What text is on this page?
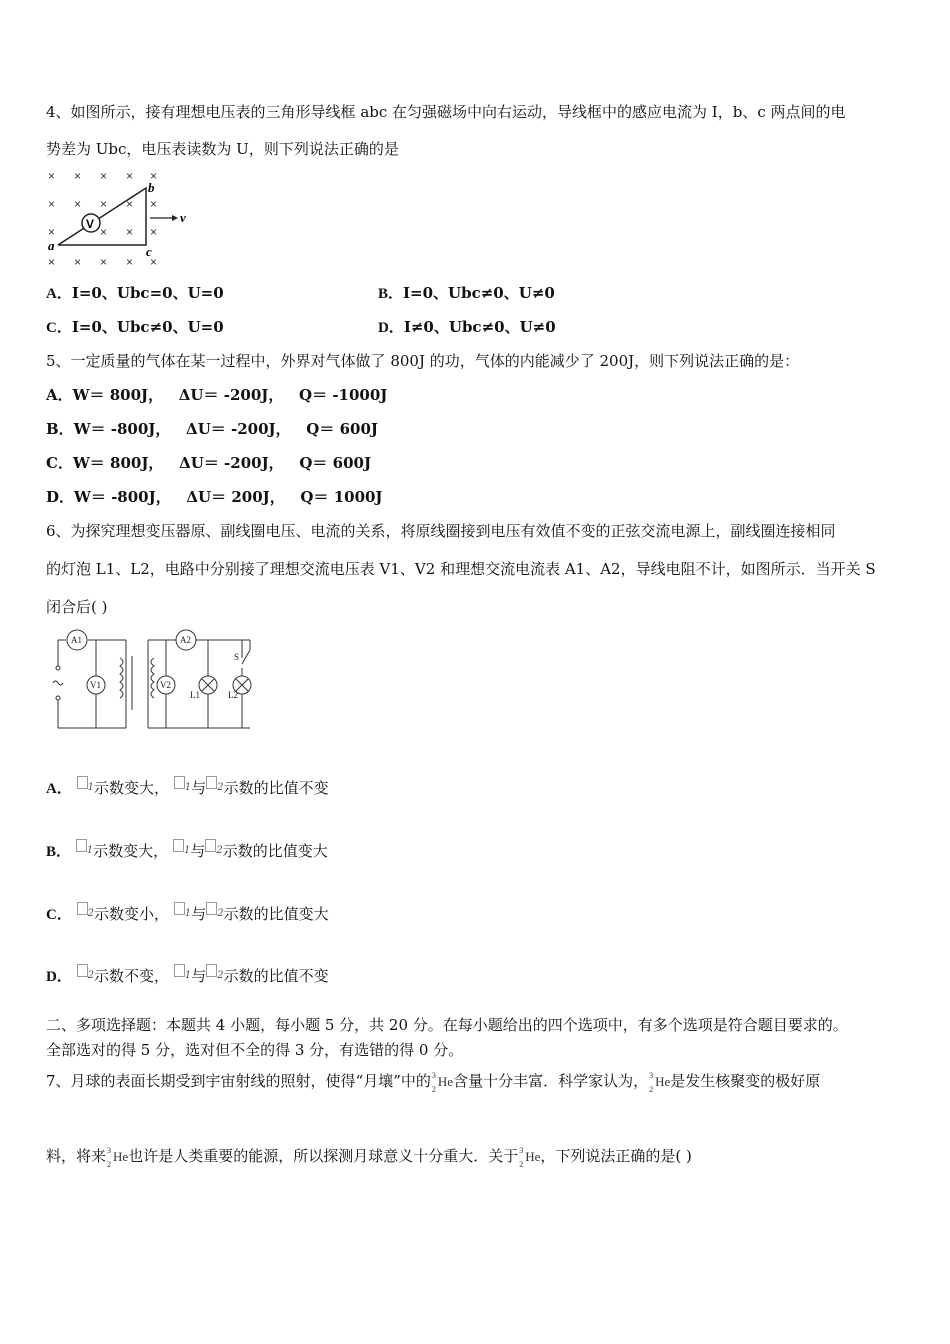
4、如图所示，接有理想电压表的三角形导线框 abc 在匀强磁场中向右运动，导线框中的感应电流为 I，b、c 两点间的电
势差为 Ubc，电压表读数为 U，则下列说法正确的是
× × × × ×
× × × × ×
×	× × ×
× × × × ×
V	v
b
a	c
A．I=0、Ubc=0、U=0	B．I=0、Ubc≠0、U≠0
C．I=0、Ubc≠0、U=0	D．I≠0、Ubc≠0、U≠0
5、一定质量的气体在某一过程中，外界对气体做了 800J 的功，气体的内能减少了 200J，则下列说法正确的是：
A．W＝ 800J，   ΔU＝ -200J，   Q＝ -1000J
B．W＝ -800J，   ΔU＝ -200J，   Q＝ 600J
C．W＝ 800J，   ΔU＝ -200J，   Q＝ 600J
D．W＝ -800J，   ΔU＝ 200J，   Q＝ 1000J
6、为探究理想变压器原、副线圈电压、电流的关系，将原线圈接到电压有效值不变的正弦交流电源上，副线圈连接相同
的灯泡 L1、L2，电路中分别接了理想交流电压表 V1、V2 和理想交流电流表 A1、A2，导线电阻不计，如图所示．当开关 S
闭合后( )
A1
V1
A2
V2
L1	L2
S
A． $^1$示数变大， $^1$与 $^2$示数的比值不变
B． $^1$示数变大， $^1$与 $^2$示数的比值变大
C． $^2$示数变小， $^1$与 $^2$示数的比值变大
D． $^2$示数不变， $^1$与 $^2$示数的比值不变
二、多项选择题：本题共 4 小题，每小题 5 分，共 20 分。在每小题给出的四个选项中，有多个选项是符合题目要求的。
全部选对的得 5 分，选对但不全的得 3 分，有选错的得 0 分。
7、月球的表面长期受到宇宙射线的照射，使得“月壤”中的 3
2
He含量十分丰富．科学家认为， 3
2
He是发生核聚变的极好原
料，将来 3
2
He也许是人类重要的能源，所以探测月球意义十分重大．关于 3
2
He，下列说法正确的是( )
